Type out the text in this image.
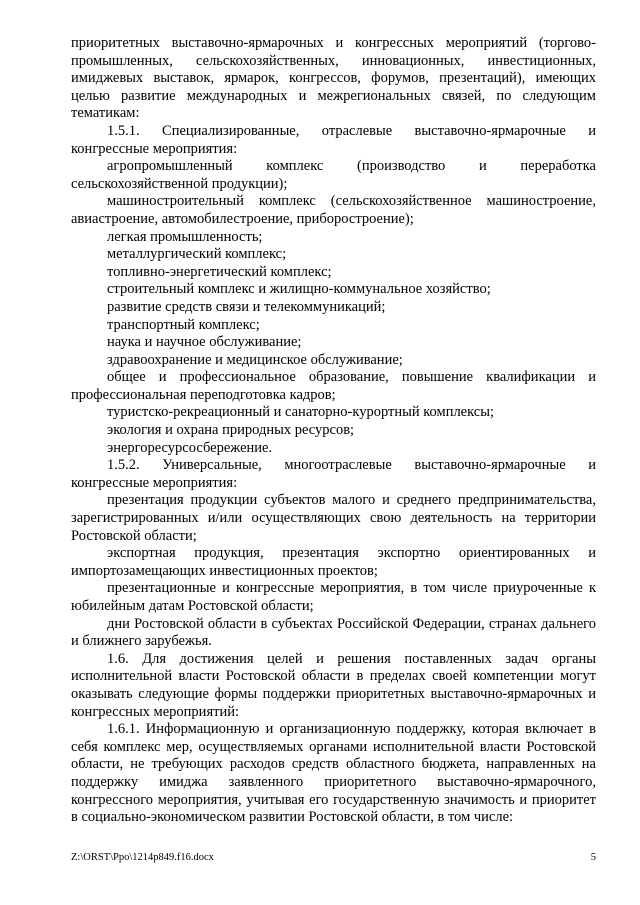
приоритетных выставочно-ярмарочных и конгрессных мероприятий (торгово-промышленных, сельскохозяйственных, инновационных, инвестиционных, имиджевых выставок, ярмарок, конгрессов, форумов, презентаций), имеющих целью развитие международных и межрегиональных связей, по следующим тематикам:

1.5.1. Специализированные, отраслевые выставочно-ярмарочные и конгрессные мероприятия:

агропромышленный комплекс (производство и переработка сельскохозяйственной продукции);

машиностроительный комплекс (сельскохозяйственное машиностроение, авиастроение, автомобилестроение, приборостроение);

легкая промышленность;

металлургический комплекс;

топливно-энергетический комплекс;

строительный комплекс и жилищно-коммунальное хозяйство;

развитие средств связи и телекоммуникаций;

транспортный комплекс;

наука и научное обслуживание;

здравоохранение и медицинское обслуживание;

общее и профессиональное образование, повышение квалификации и профессиональная переподготовка кадров;

туристско-рекреационный и санаторно-курортный комплексы;

экология и охрана природных ресурсов;

энергоресурсосбережение.

1.5.2. Универсальные, многоотраслевые выставочно-ярмарочные и конгрессные мероприятия:

презентация продукции субъектов малого и среднего предпринимательства, зарегистрированных и/или осуществляющих свою деятельность на территории Ростовской области;

экспортная продукция, презентация экспортно ориентированных и импортозамещающих инвестиционных проектов;

презентационные и конгрессные мероприятия, в том числе приуроченные к юбилейным датам Ростовской области;

дни Ростовской области в субъектах Российской Федерации, странах дальнего и ближнего зарубежья.

1.6. Для достижения целей и решения поставленных задач органы исполнительной власти Ростовской области в пределах своей компетенции могут оказывать следующие формы поддержки приоритетных выставочно-ярмарочных и конгрессных мероприятий:

1.6.1. Информационную и организационную поддержку, которая включает в себя комплекс мер, осуществляемых органами исполнительной власти Ростовской области, не требующих расходов средств областного бюджета, направленных на поддержку имиджа заявленного приоритетного выставочно-ярмарочного, конгрессного мероприятия, учитывая его государственную значимость и приоритет в социально-экономическом развитии Ростовской области, в том числе:

Z:\ORST\Ppo\1214p849.f16.docx	5
